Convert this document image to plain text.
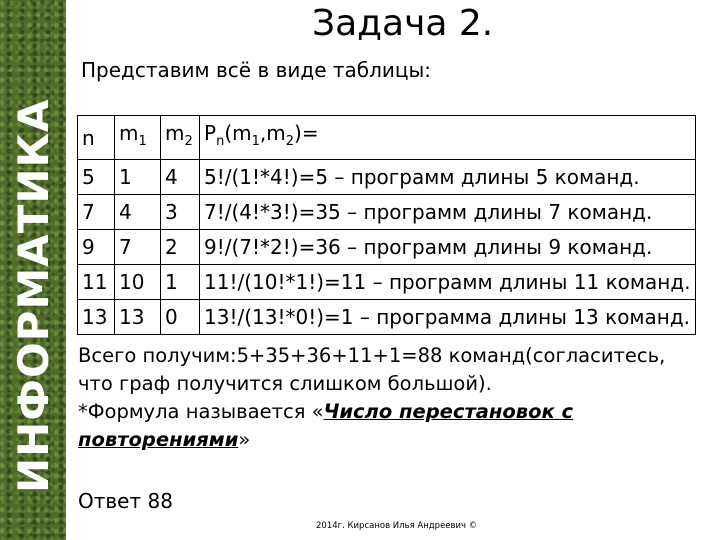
ИНФОРМАТИКА
Задача 2.
Представим всё в виде таблицы:
n	$m_1$	$m_2$	$P_n(m_1,m_2)=$
5	1	4	5!/(1!*4!)=5 – программ длины 5 команд.
7	4	3	7!/(4!*3!)=35 – программ длины 7 команд.
9	7	2	9!/(7!*2!)=36 – программ длины 9 команд.
11	10	1	11!/(10!*1!)=11 – программ длины 11 команд.
13	13	0	13!/(13!*0!)=1 – программа длины 13 команд.

Всего получим:5+35+36+11+1=88 команд(согласитесь, что граф получится слишком большой).

*Формула называется «Число перестановок с повторениями»

Ответ 88
2014г. Кирсанов Илья Андреевич ©
